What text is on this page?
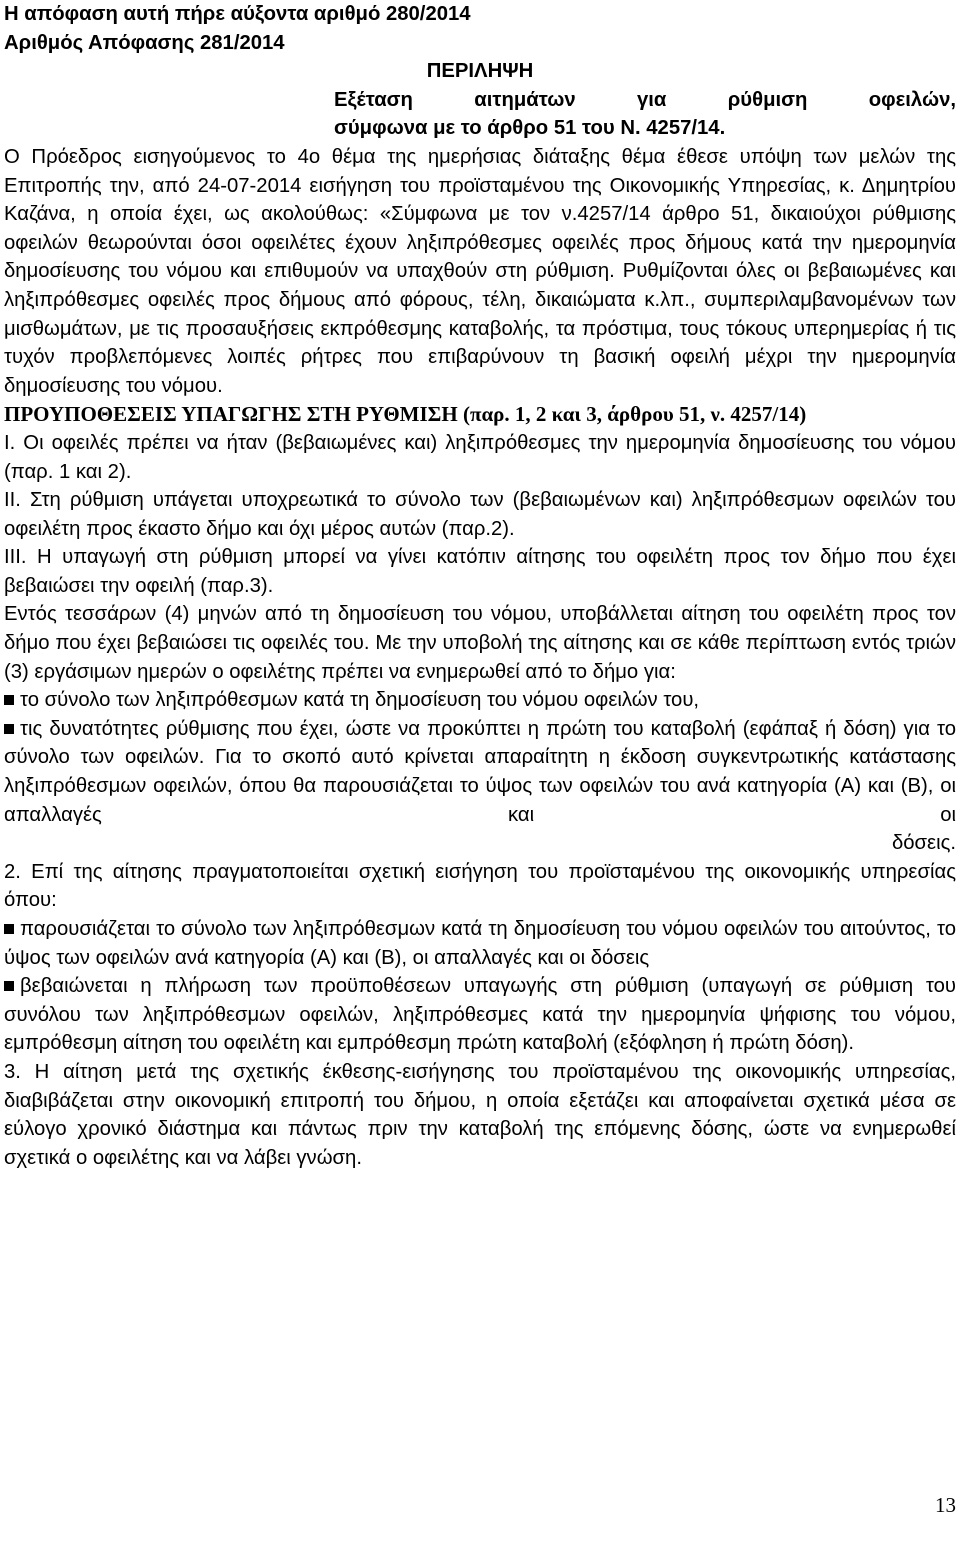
Η απόφαση αυτή πήρε αύξοντα αριθμό 280/2014

Αριθμός Απόφασης 281/2014

ΠΕΡΙΛΗΨΗ

Εξέταση αιτημάτων για ρύθμιση οφειλών,

σύμφωνα με το άρθρο 51 του Ν. 4257/14.

Ο Πρόεδρος εισηγούμενος το 4ο θέμα της ημερήσιας διάταξης θέμα έθεσε υπόψη των μελών της Επιτροπής την, από 24-07-2014 εισήγηση του προϊσταμένου της Οικονομικής Υπηρεσίας, κ. Δημητρίου Καζάνα, η οποία έχει, ως ακολούθως: «Σύμφωνα με τον ν.4257/14 άρθρο 51, δικαιούχοι ρύθμισης οφειλών θεωρούνται όσοι οφειλέτες έχουν ληξιπρόθεσμες οφειλές προς δήμους κατά την ημερομηνία δημοσίευσης του νόμου και επιθυμούν να υπαχθούν στη ρύθμιση. Ρυθμίζονται όλες οι βεβαιωμένες και ληξιπρόθεσμες οφειλές προς δήμους από φόρους, τέλη, δικαιώματα κ.λπ., συμπεριλαμβανομένων των μισθωμάτων, με τις προσαυξήσεις εκπρόθεσμης καταβολής, τα πρόστιμα, τους τόκους υπερημερίας ή τις τυχόν προβλεπόμενες λοιπές ρήτρες που επιβαρύνουν τη βασική οφειλή μέχρι την ημερομηνία δημοσίευσης του νόμου.

ΠΡΟΥΠΟΘΕΣΕΙΣ ΥΠΑΓΩΓΗΣ ΣΤΗ ΡΥΘΜΙΣΗ (παρ. 1, 2 και 3, άρθρου 51, ν. 4257/14)

Ι. Οι οφειλές πρέπει να ήταν (βεβαιωμένες και) ληξιπρόθεσμες την ημερομηνία δημοσίευσης του νόμου (παρ. 1 και 2).

ΙΙ. Στη ρύθμιση υπάγεται υποχρεωτικά το σύνολο των (βεβαιωμένων και) ληξιπρόθεσμων οφειλών του οφειλέτη προς έκαστο δήμο και όχι μέρος αυτών (παρ.2).

ΙΙΙ. Η υπαγωγή στη ρύθμιση μπορεί να γίνει κατόπιν αίτησης του οφειλέτη προς τον δήμο που έχει βεβαιώσει την οφειλή (παρ.3).

Εντός τεσσάρων (4) μηνών από τη δημοσίευση του νόμου, υποβάλλεται αίτηση του οφειλέτη προς τον δήμο που έχει βεβαιώσει τις οφειλές του. Με την υποβολή της αίτησης και σε κάθε περίπτωση εντός τριών (3) εργάσιμων ημερών ο οφειλέτης πρέπει να ενημερωθεί από το δήμο για:

το σύνολο των ληξιπρόθεσμων κατά τη δημοσίευση του νόμου οφειλών του,

τις δυνατότητες ρύθμισης που έχει, ώστε να προκύπτει η πρώτη του καταβολή (εφάπαξ ή δόση) για το σύνολο των οφειλών. Για το σκοπό αυτό κρίνεται απαραίτητη η έκδοση συγκεντρωτικής κατάστασης ληξιπρόθεσμων οφειλών, όπου θα παρουσιάζεται το ύψος των οφειλών του ανά κατηγορία (Α) και (Β), οι απαλλαγές και οι

δόσεις.

2. Επί της αίτησης πραγματοποιείται σχετική εισήγηση του προϊσταμένου της οικονομικής υπηρεσίας όπου:

παρουσιάζεται το σύνολο των ληξιπρόθεσμων κατά τη δημοσίευση του νόμου οφειλών του αιτούντος, το ύψος των οφειλών ανά κατηγορία (Α) και (Β), οι απαλλαγές και οι δόσεις

βεβαιώνεται η πλήρωση των προϋποθέσεων υπαγωγής στη ρύθμιση (υπαγωγή σε ρύθμιση του συνόλου των ληξιπρόθεσμων οφειλών, ληξιπρόθεσμες κατά την ημερομηνία ψήφισης του νόμου, εμπρόθεσμη αίτηση του οφειλέτη και εμπρόθεσμη πρώτη καταβολή (εξόφληση ή πρώτη δόση).

3. Η αίτηση μετά της σχετικής έκθεσης-εισήγησης του προϊσταμένου της οικονομικής υπηρεσίας, διαβιβάζεται στην οικονομική επιτροπή του δήμου, η οποία εξετάζει και αποφαίνεται σχετικά μέσα σε εύλογο χρονικό διάστημα και πάντως πριν την καταβολή της επόμενης δόσης, ώστε να ενημερωθεί σχετικά ο οφειλέτης και να λάβει γνώση.

13
